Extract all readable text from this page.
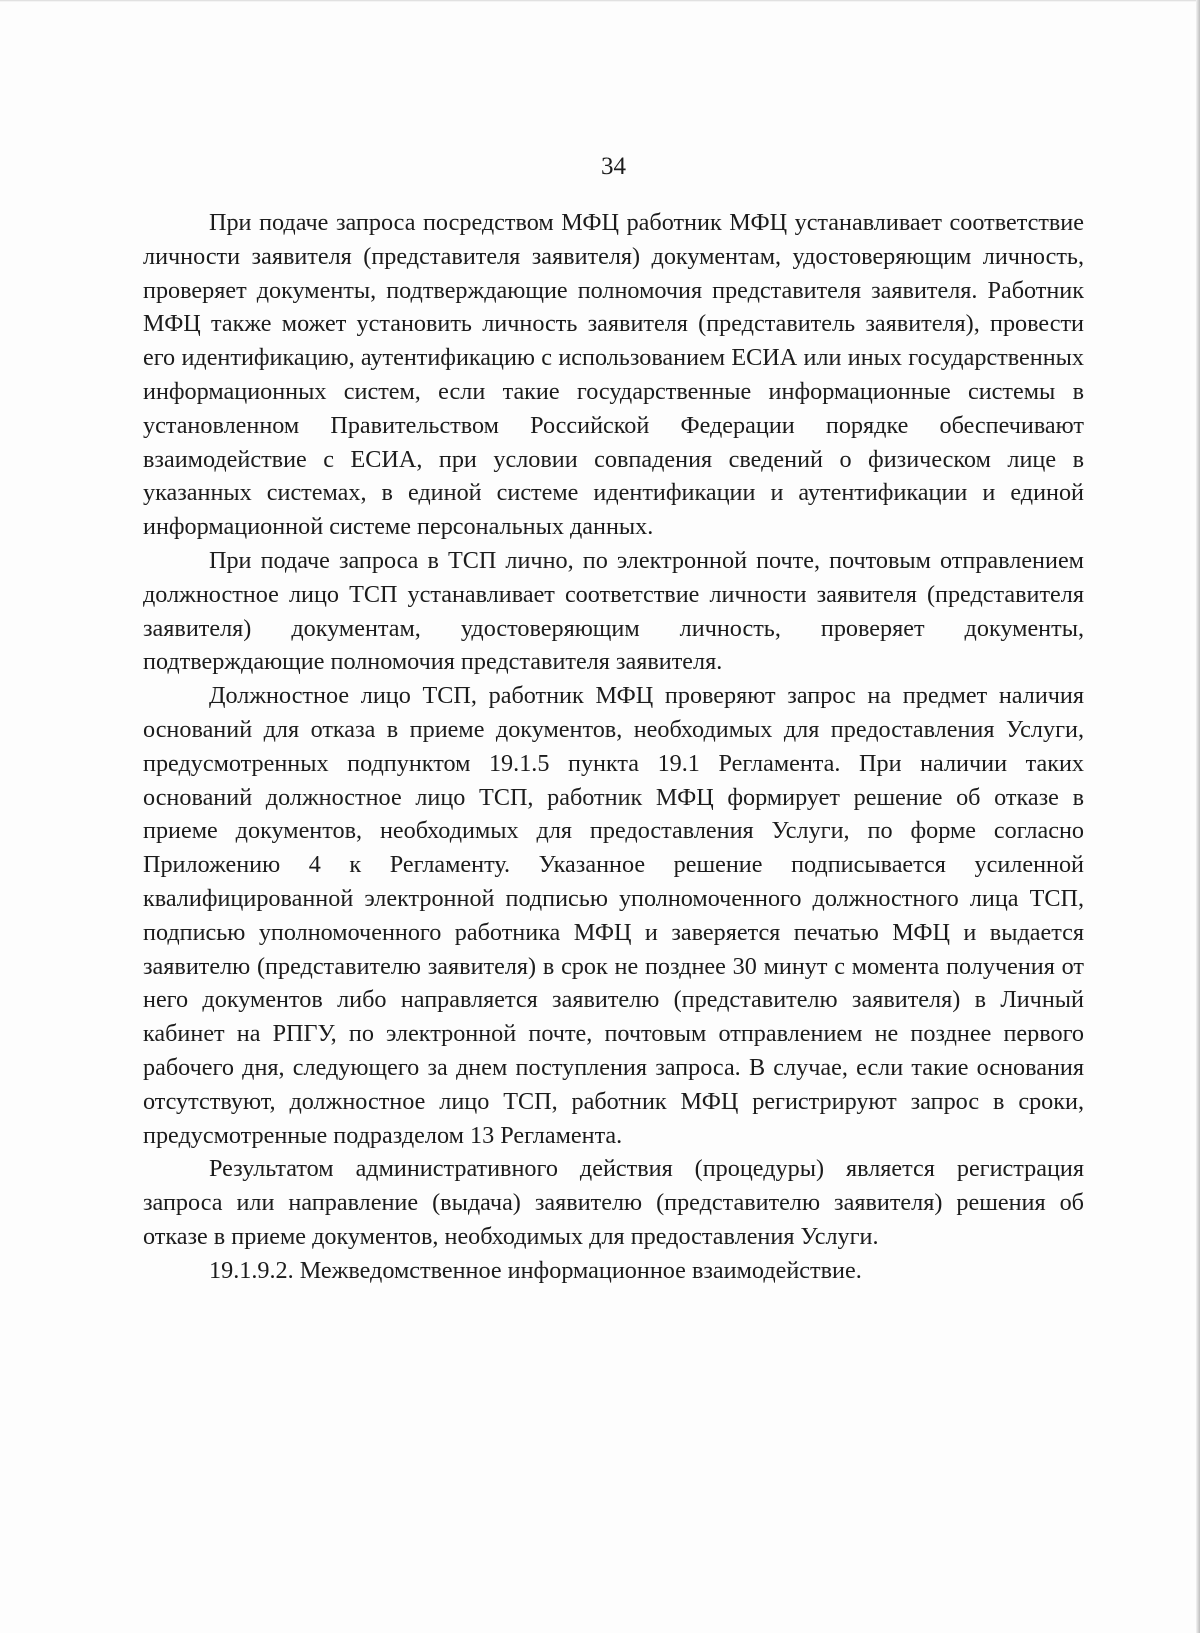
34

При подаче запроса посредством МФЦ работник МФЦ устанавливает соответствие личности заявителя (представителя заявителя) документам, удостоверяющим личность, проверяет документы, подтверждающие полномочия представителя заявителя. Работник МФЦ также может установить личность заявителя (представитель заявителя), провести его идентификацию, аутентификацию с использованием ЕСИА или иных государственных информационных систем, если такие государственные информационные системы в установленном Правительством Российской Федерации порядке обеспечивают взаимодействие с ЕСИА, при условии совпадения сведений о физическом лице в указанных системах, в единой системе идентификации и аутентификации и единой информационной системе персональных данных.

При подаче запроса в ТСП лично, по электронной почте, почтовым отправлением должностное лицо ТСП устанавливает соответствие личности заявителя (представителя заявителя) документам, удостоверяющим личность, проверяет документы, подтверждающие полномочия представителя заявителя.

Должностное лицо ТСП, работник МФЦ проверяют запрос на предмет наличия оснований для отказа в приеме документов, необходимых для предоставления Услуги, предусмотренных подпунктом 19.1.5 пункта 19.1 Регламента. При наличии таких оснований должностное лицо ТСП, работник МФЦ формирует решение об отказе в приеме документов, необходимых для предоставления Услуги, по форме согласно Приложению 4 к Регламенту. Указанное решение подписывается усиленной квалифицированной электронной подписью уполномоченного должностного лица ТСП, подписью уполномоченного работника МФЦ и заверяется печатью МФЦ и выдается заявителю (представителю заявителя) в срок не позднее 30 минут с момента получения от него документов либо направляется заявителю (представителю заявителя) в Личный кабинет на РПГУ, по электронной почте, почтовым отправлением не позднее первого рабочего дня, следующего за днем поступления запроса. В случае, если такие основания отсутствуют, должностное лицо ТСП, работник МФЦ регистрируют запрос в сроки, предусмотренные подразделом 13 Регламента.

Результатом административного действия (процедуры) является регистрация запроса или направление (выдача) заявителю (представителю заявителя) решения об отказе в приеме документов, необходимых для предоставления Услуги.

19.1.9.2. Межведомственное информационное взаимодействие.
